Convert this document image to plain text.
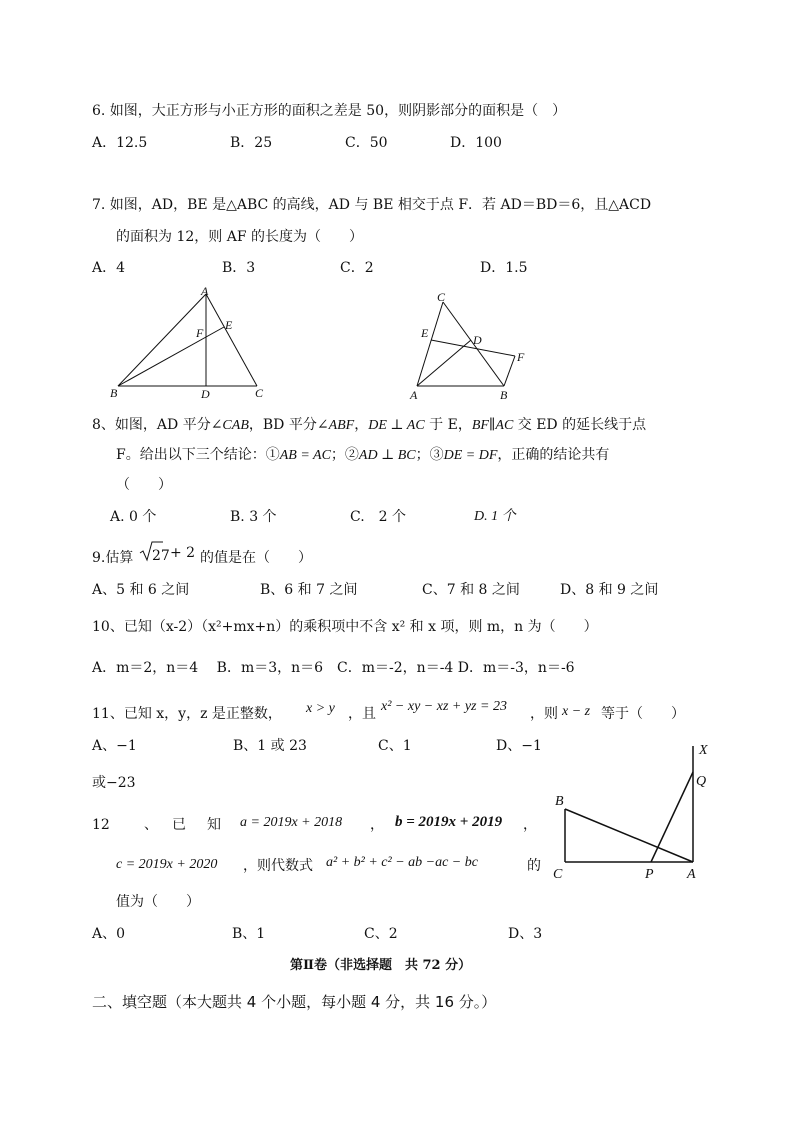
6. 如图，大正方形与小正方形的面积之差是 50，则阴影部分的面积是（　）
A．12.5	B．25	C．50	D．100
7. 如图，AD，BE 是△ABC 的高线，AD 与 BE 相交于点 F．若 AD＝BD＝6，且△ACD
的面积为 12，则 AF 的长度为（　　）
A．4	B．3	C．2	D．1.5
A
B	C
D
E
F
C
E	D
F
A	B
8、如图，AD 平分∠CAB，BD 平分∠ABF，DE ⊥ AC 于 E，BF∥AC 交 ED 的延长线于点
F。给出以下三个结论：①AB = AC；②AD ⊥ BC；③DE = DF，正确的结论共有
（　　）
A. 0 个	B. 3 个	C.　2 个	D. 1 个
9.估算 27 + 2 的值是在（　　）
A、5 和 6 之间	B、6 和 7 之间	C、7 和 8 之间	D、8 和 9 之间
10、已知（x-2）（x²+mx+n）的乘积项中不含 x² 和 x 项，则 m，n 为（　　）
A．m＝2，n＝4　 B．m＝3，n＝6　C．m＝-2，n＝-4 D．m＝-3，n＝-6
11、已知 x，y，z 是正整数， x > y ，且 x² − xy − xz + yz = 23 ，则 x − z 等于（　　）
A、−1	B、1 或 23	C、1	D、−1
或−23
X
Q
B
C	P A
12 、 已 知 a = 2019x + 2018 ， b = 2019x + 2019 ，
c = 2019x + 2020 ，则代数式 a² + b² + c² − ab −ac − bc	的
值为（　　）
A、0	B、1	C、2	D、3
第Ⅱ卷（非选择题　共 72 分）
二、填空题（本大题共 4 个小题，每小题 4 分，共 16 分。）
